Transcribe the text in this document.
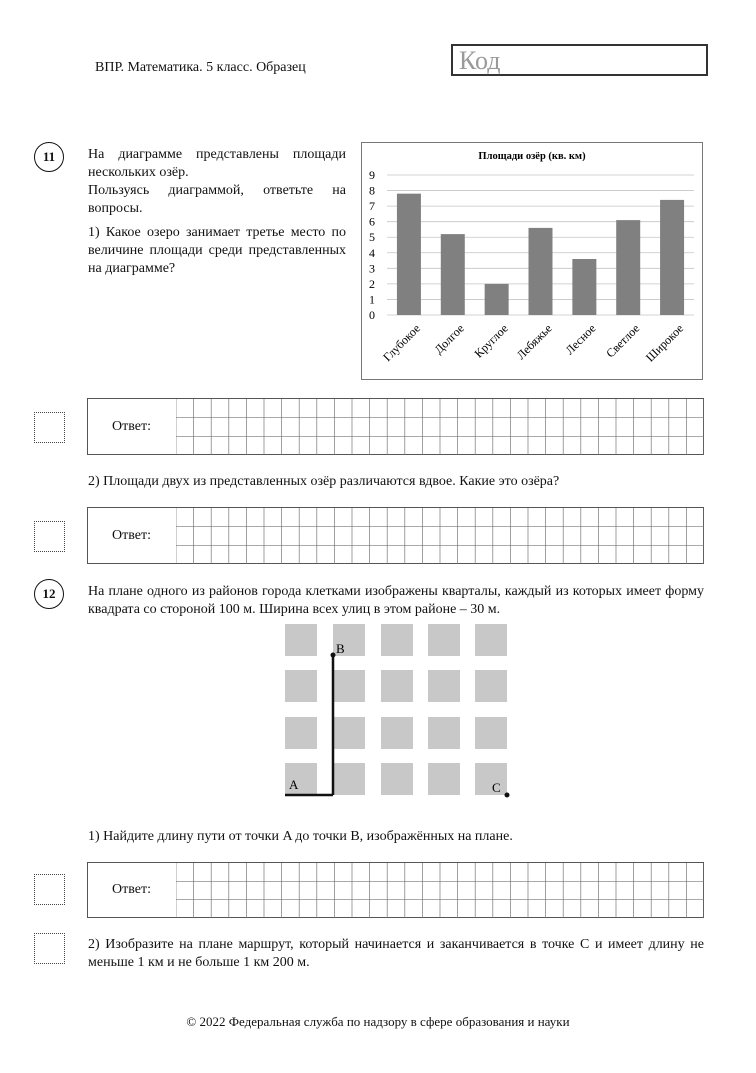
ВПР. Математика. 5 класс. Образец	Код
11	На диаграмме представлены площади нескольких озёр.

Пользуясь диаграммой, ответьте на вопросы.

1) Какое озеро занимает третье место по величине площади среди представленных на диаграмме?

Площади озёр (кв. км)
0
1
2
3
4
5
6
7
8
9
Глубокое Долгое Круглое Лебяжье Лесное Светлое Широкое
Ответ:
2) Площади двух из представленных озёр различаются вдвое. Какие это озёра?
Ответ:
12	На плане одного из районов города клетками изображены кварталы, каждый из которых имеет форму квадрата со стороной 100 м. Ширина всех улиц в этом районе – 30 м.
B
A	C
1) Найдите длину пути от точки A до точки B, изображённых на плане.
Ответ:
2) Изобразите на плане маршрут, который начинается и заканчивается в точке C и имеет длину не меньше 1 км и не больше 1 км 200 м.
© 2022 Федеральная служба по надзору в сфере образования и науки
